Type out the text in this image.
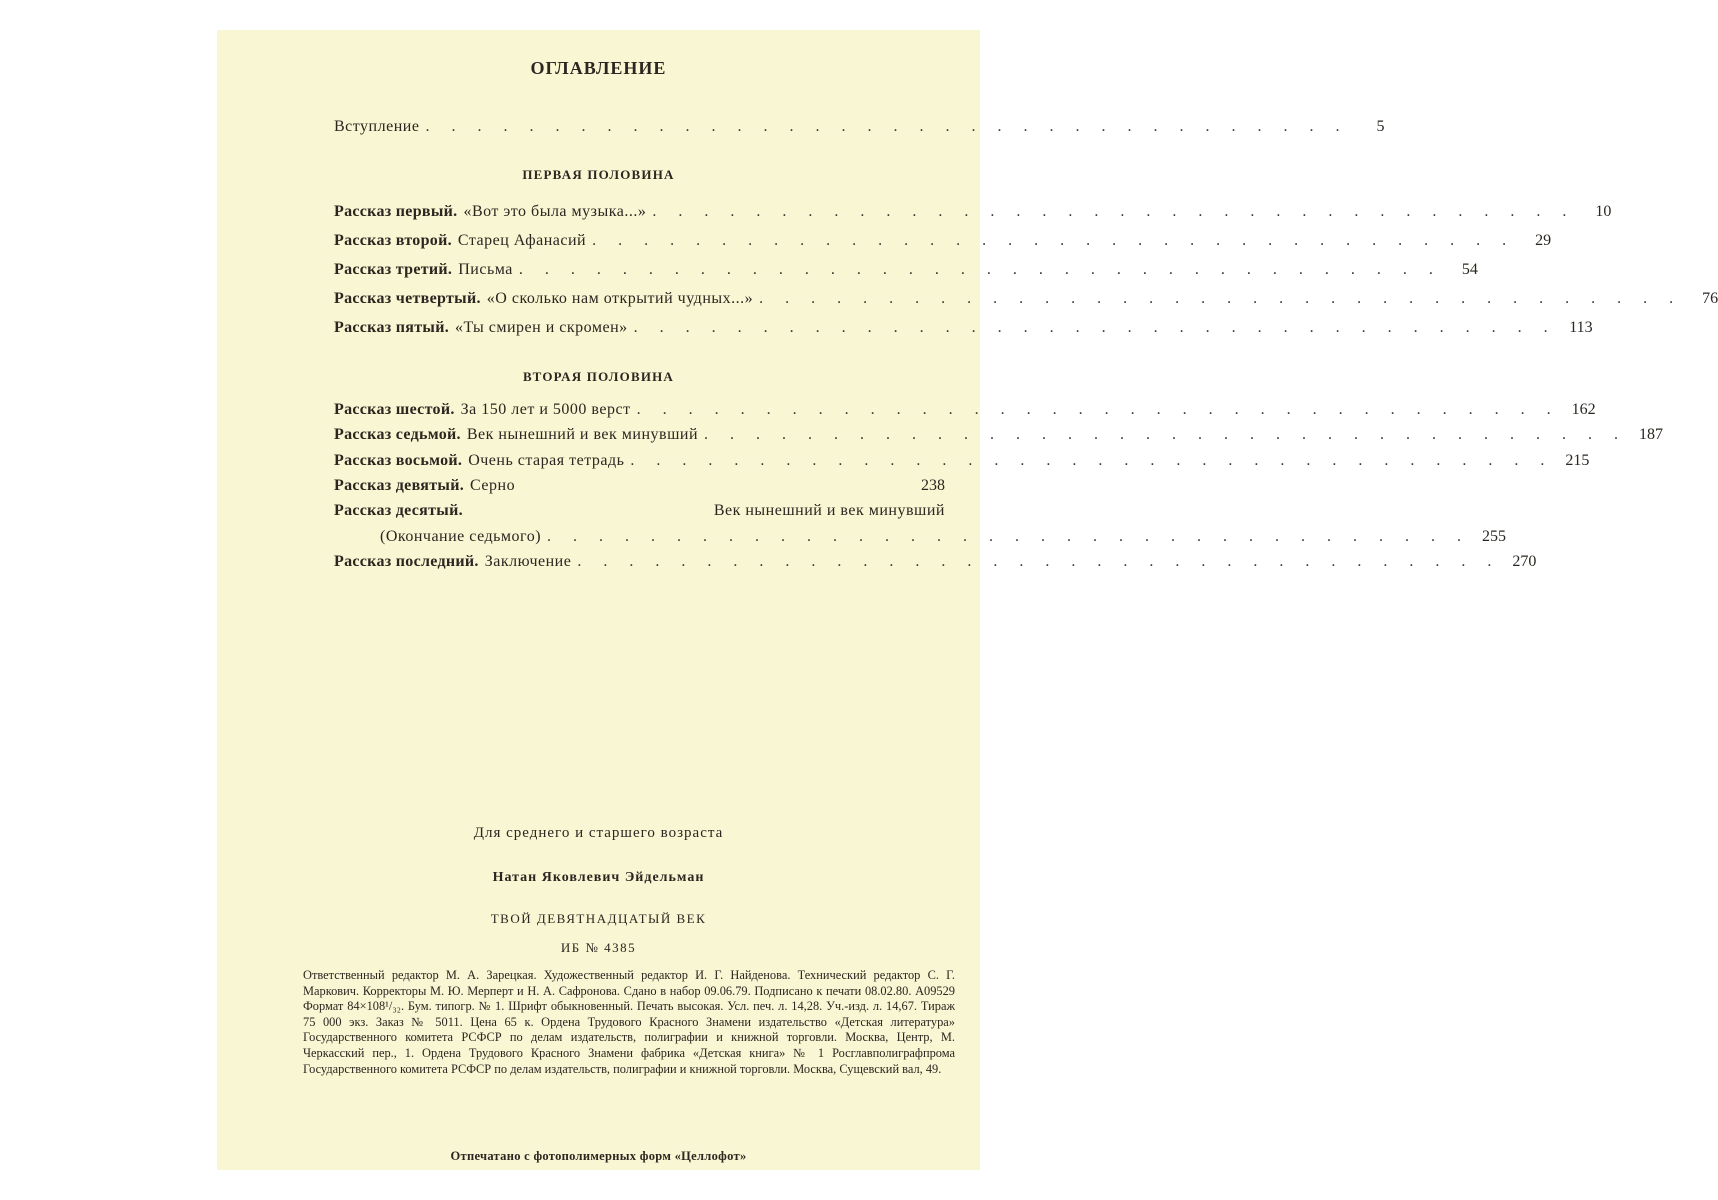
ОГЛАВЛЕНИЕ
Вступление . . . . . . . . . . . . . . . . . . . . . . . . . . . . . . . . . . . .	5
ПЕРВАЯ ПОЛОВИНА
Рассказ первый. «Вот это была музыка...» . . . . . . . . . . . . . . . . . . . . . . . . . . . . . . . . . . . .	10
Рассказ второй. Старец Афанасий . . . . . . . . . . . . . . . . . . . . . . . . . . . . . . . . . . . .	29
Рассказ третий. Письма . . . . . . . . . . . . . . . . . . . . . . . . . . . . . . . . . . . .	54
Рассказ четвертый. «О сколько нам открытий чудных...» . . . . . . . . . . . . . . . . . . . . . . . . . . . . . . . . . . . .	76
Рассказ пятый. «Ты смирен и скромен» . . . . . . . . . . . . . . . . . . . . . . . . . . . . . . . . . . . . 113
ВТОРАЯ ПОЛОВИНА
Рассказ шестой. За 150 лет и 5000 верст . . . . . . . . . . . . . . . . . . . . . . . . . . . . . . . . . . . . 162
Рассказ седьмой. Век нынешний и век минувший . . . . . . . . . . . . . . . . . . . . . . . . . . . . . . . . . . . . 187
Рассказ восьмой. Очень старая тетрадь . . . . . . . . . . . . . . . . . . . . . . . . . . . . . . . . . . . . 215
Рассказ девятый. Серно	238
Рассказ десятый.	Век нынешний и век минувший
(Окончание седьмого) . . . . . . . . . . . . . . . . . . . . . . . . . . . . . . . . . . . . 255
Рассказ последний. Заключение . . . . . . . . . . . . . . . . . . . . . . . . . . . . . . . . . . . . 270
Для среднего и старшего возраста
Натан Яковлевич Эйдельман
ТВОЙ ДЕВЯТНАДЦАТЫЙ ВЕК
ИБ № 4385

Ответственный редактор М. А. Зарецкая. Художественный редактор И. Г. Найденова. Технический редактор С. Г. Маркович. Корректоры М. Ю. Мерперт и Н. А. Сафронова. Сдано в набор 09.06.79. Подписано к печати 08.02.80. А09529 Формат 84×108¹/₃₂. Бум. типогр. № 1. Шрифт обыкновенный. Печать высокая. Усл. печ. л. 14,28. Уч.-изд. л. 14,67. Тираж 75 000 экз. Заказ № 5011. Цена 65 к. Ордена Трудового Красного Знамени издательство «Детская литература» Государственного комитета РСФСР по делам издательств, полиграфии и книжной торговли. Москва, Центр, М. Черкасский пер., 1. Ордена Трудового Красного Знамени фабрика «Детская книга» № 1 Росглавполиграфпрома Государственного комитета РСФСР по делам издательств, полиграфии и книжной торговли. Москва, Сущевский вал, 49.

Отпечатано с фотополимерных форм «Целлофот»
